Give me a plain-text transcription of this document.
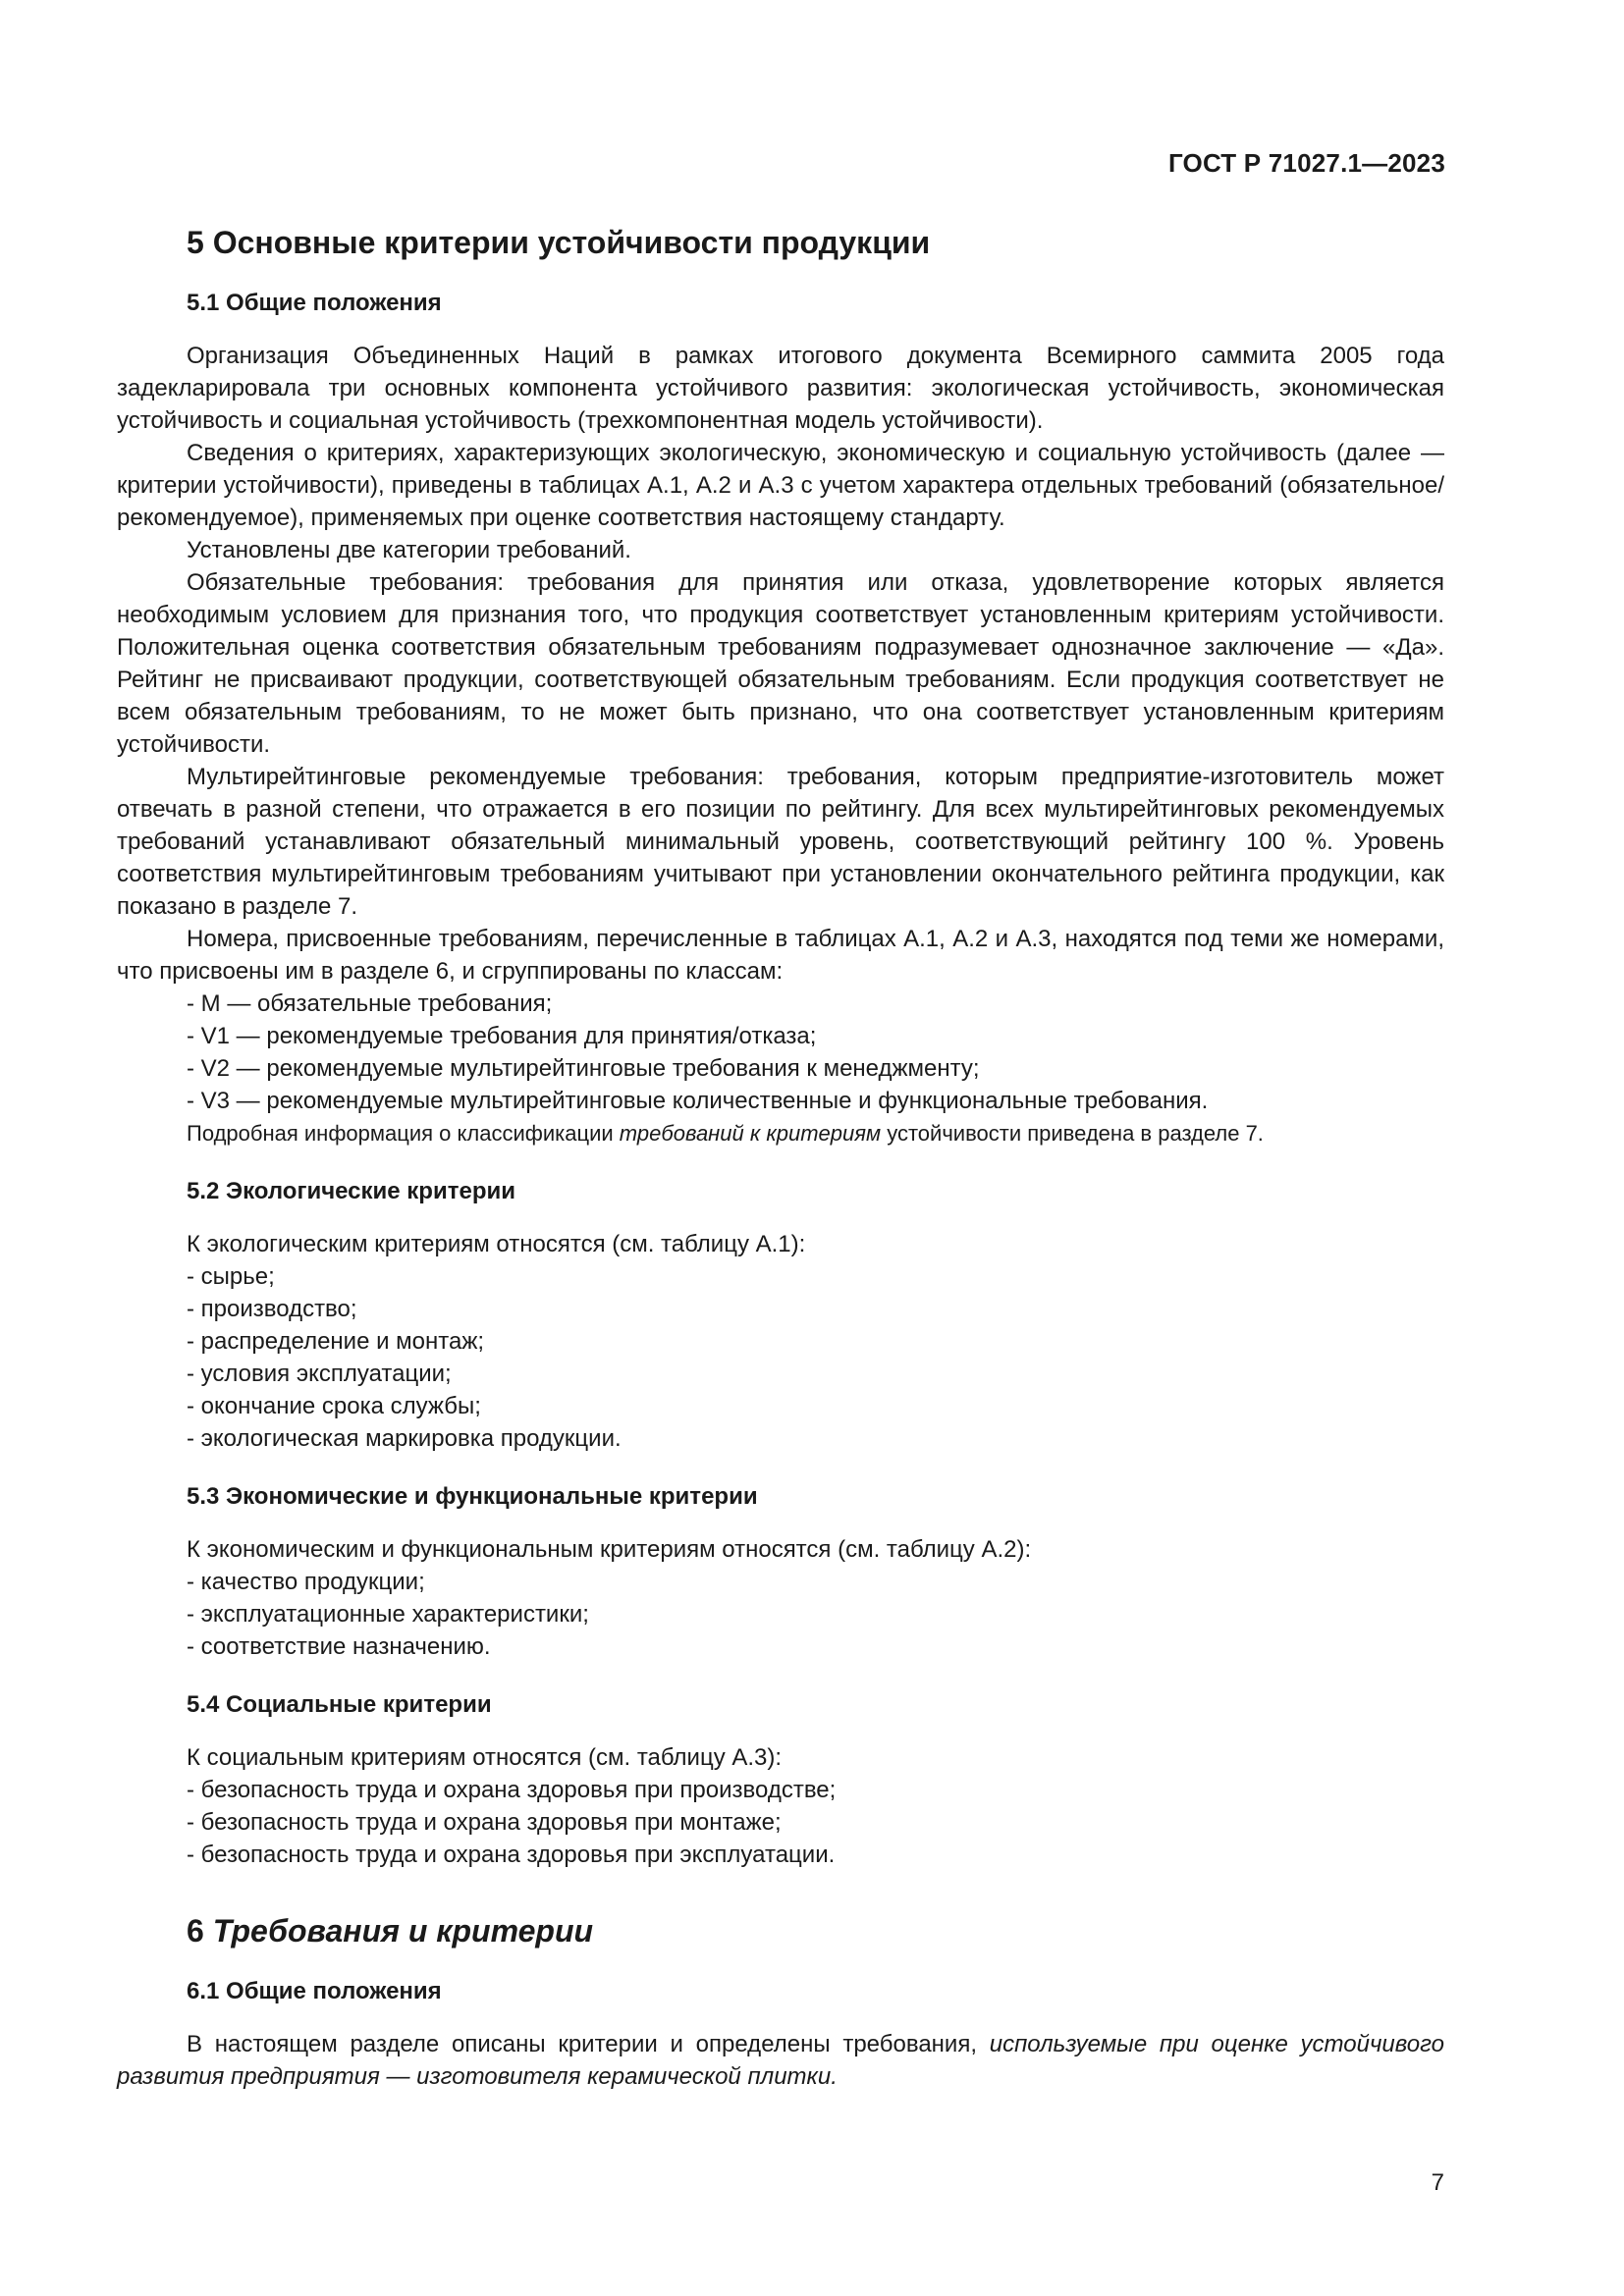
ГОСТ Р 71027.1—2023
5 Основные критерии устойчивости продукции
5.1 Общие положения

Организация Объединенных Наций в рамках итогового документа Всемирного саммита 2005 года задекларировала три основных компонента устойчивого развития: экологическая устойчивость, экономическая устойчивость и социальная устойчивость (трехкомпонентная модель устойчивости).

Сведения о критериях, характеризующих экологическую, экономическую и социальную устойчивость (далее — критерии устойчивости), приведены в таблицах А.1, А.2 и А.3 с учетом характера отдельных требований (обязательное/рекомендуемое), применяемых при оценке соответствия настоящему стандарту.

Установлены две категории требований.

Обязательные требования: требования для принятия или отказа, удовлетворение которых является необходимым условием для признания того, что продукция соответствует установленным критериям устойчивости. Положительная оценка соответствия обязательным требованиям подразумевает однозначное заключение — «Да». Рейтинг не присваивают продукции, соответствующей обязательным требованиям. Если продукция соответствует не всем обязательным требованиям, то не может быть признано, что она соответствует установленным критериям устойчивости.

Мультирейтинговые рекомендуемые требования: требования, которым предприятие-изготовитель может отвечать в разной степени, что отражается в его позиции по рейтингу. Для всех мультирейтинговых рекомендуемых требований устанавливают обязательный минимальный уровень, соответствующий рейтингу 100 %. Уровень соответствия мультирейтинговым требованиям учитывают при установлении окончательного рейтинга продукции, как показано в разделе 7.

Номера, присвоенные требованиям, перечисленные в таблицах А.1, А.2 и А.3, находятся под теми же номерами, что присвоены им в разделе 6, и сгруппированы по классам:

- M — обязательные требования;

- V1 — рекомендуемые требования для принятия/отказа;

- V2 — рекомендуемые мультирейтинговые требования к менеджменту;

- V3 — рекомендуемые мультирейтинговые количественные и функциональные требования.

Подробная информация о классификации требований к критериям устойчивости приведена в разделе 7.

5.2 Экологические критерии

К экологическим критериям относятся (см. таблицу А.1):

- сырье;

- производство;

- распределение и монтаж;

- условия эксплуатации;

- окончание срока службы;

- экологическая маркировка продукции.

5.3 Экономические и функциональные критерии

К экономическим и функциональным критериям относятся (см. таблицу А.2):

- качество продукции;

- эксплуатационные характеристики;

- соответствие назначению.

5.4 Социальные критерии

К социальным критериям относятся (см. таблицу А.3):

- безопасность труда и охрана здоровья при производстве;

- безопасность труда и охрана здоровья при монтаже;

- безопасность труда и охрана здоровья при эксплуатации.

6 Требования и критерии
6.1 Общие положения

В настоящем разделе описаны критерии и определены требования, используемые при оценке устойчивого развития предприятия — изготовителя керамической плитки.

7
